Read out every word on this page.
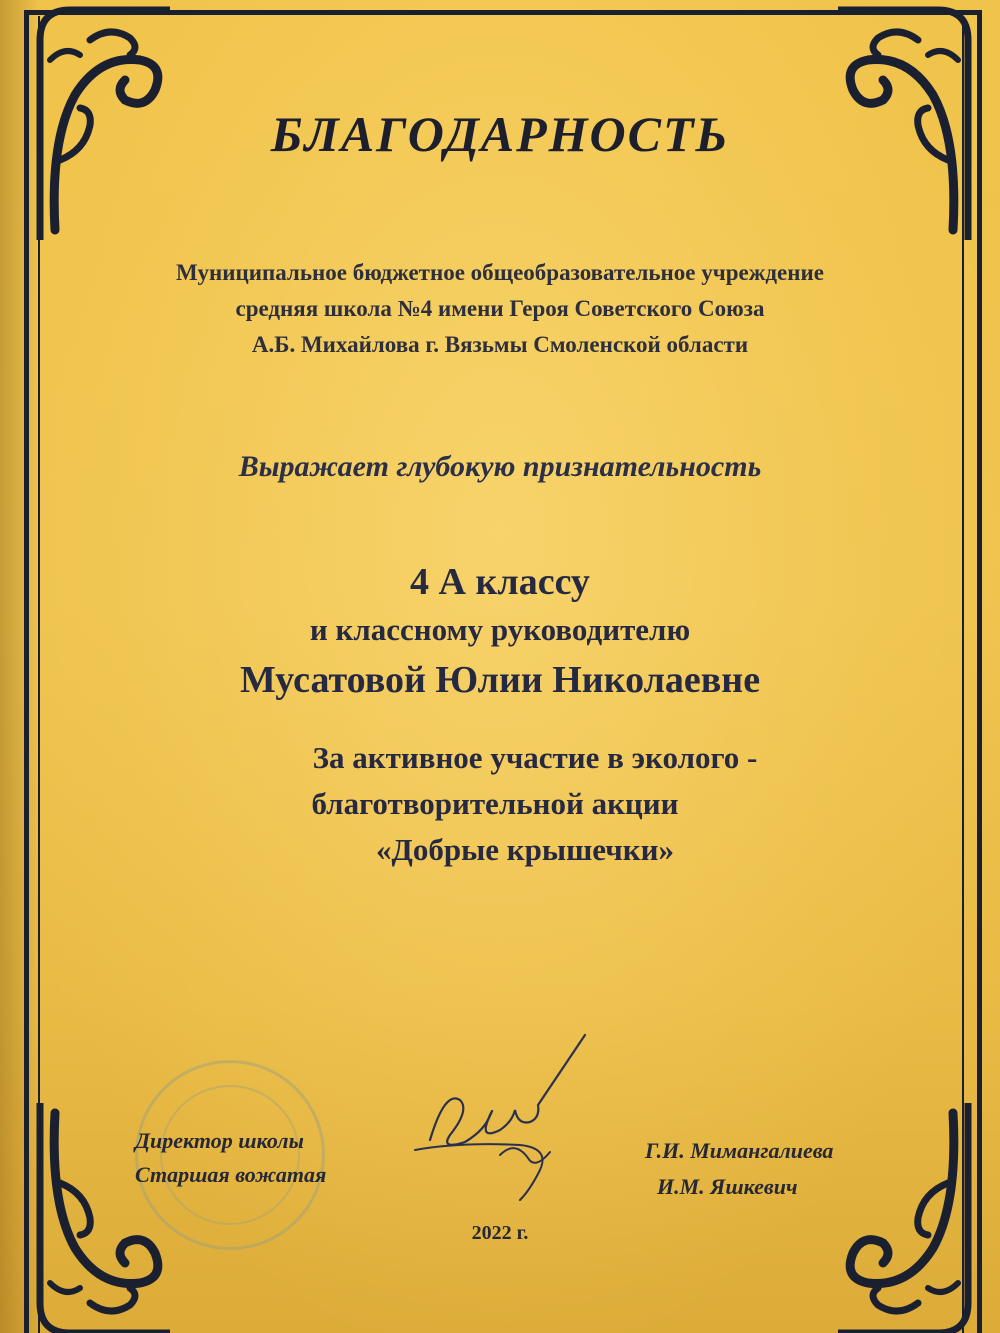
БЛАГОДАРНОСТЬ
Муниципальное бюджетное общеобразовательное учреждение
средняя школа №4 имени Героя Советского Союза
А.Б. Михайлова г. Вязьмы Смоленской области
Выражает глубокую признательность
4 А классу
и классному руководителю
Мусатовой Юлии Николаевне
За активное участие в эколого -
благотворительной акции
«Добрые крышечки»
Директор школы
Старшая вожатая
Г.И. Мимангалиева
И.М. Яшкевич
2022 г.
